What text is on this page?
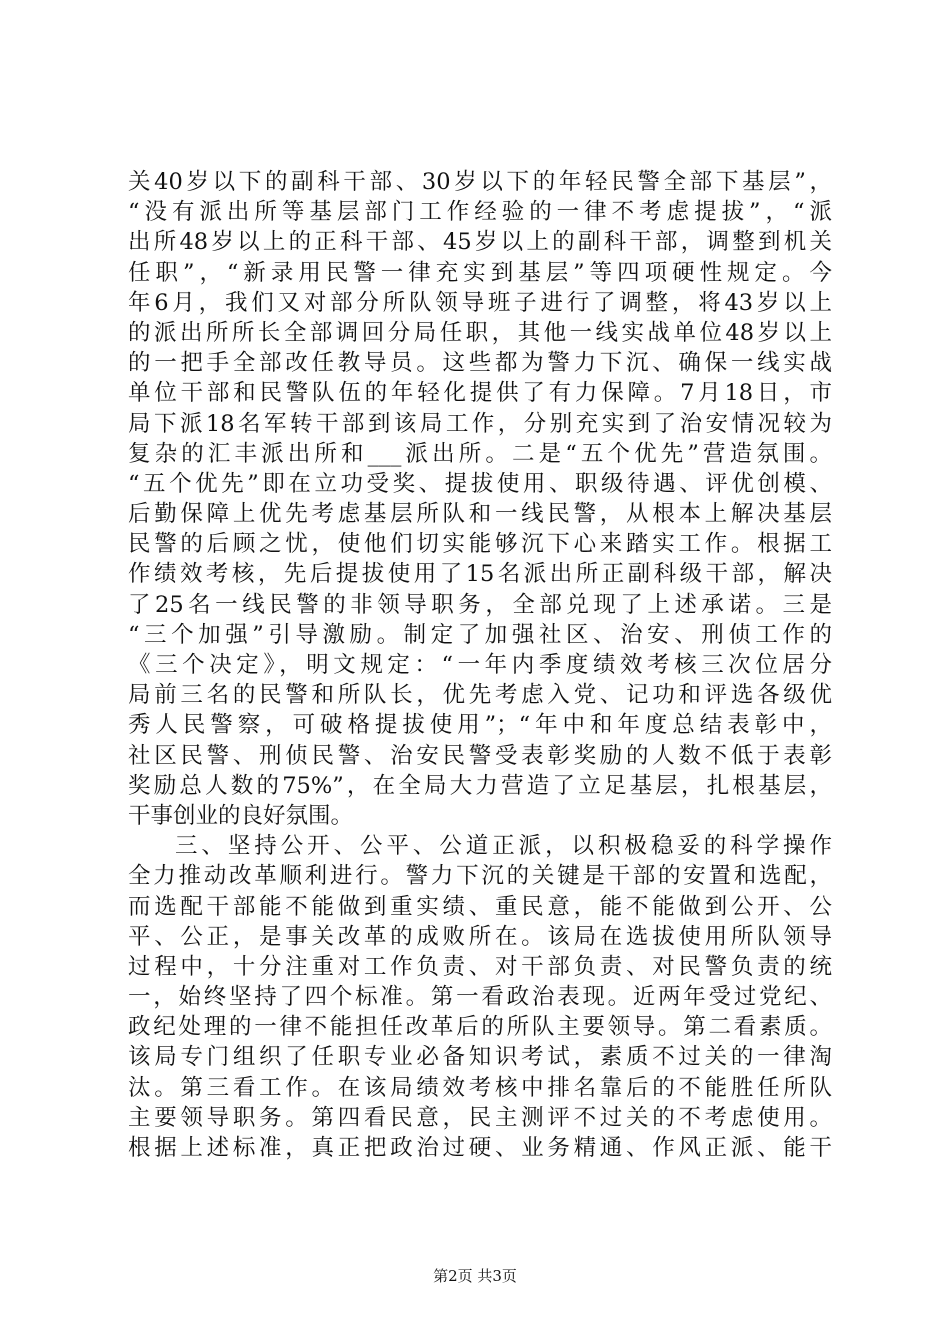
关40岁以下的副科干部、30岁以下的年轻民警全部下基层”，
“没有派出所等基层部门工作经验的一律不考虑提拔”，“派
出所48岁以上的正科干部、45岁以上的副科干部，调整到机关
任职”，“新录用民警一律充实到基层”等四项硬性规定。今
年6月，我们又对部分所队领导班子进行了调整，将43岁以上
的派出所所长全部调回分局任职，其他一线实战单位48岁以上
的一把手全部改任教导员。这些都为警力下沉、确保一线实战
单位干部和民警队伍的年轻化提供了有力保障。7月18日，市
局下派18名军转干部到该局工作，分别充实到了治安情况较为
复杂的汇丰派出所和___派出所。二是“五个优先”营造氛围。
“五个优先”即在立功受奖、提拔使用、职级待遇、评优创模、
后勤保障上优先考虑基层所队和一线民警，从根本上解决基层
民警的后顾之忧，使他们切实能够沉下心来踏实工作。根据工
作绩效考核，先后提拔使用了15名派出所正副科级干部，解决
了25名一线民警的非领导职务，全部兑现了上述承诺。三是
“三个加强”引导激励。制定了加强社区、治安、刑侦工作的
《三个决定》，明文规定：“一年内季度绩效考核三次位居分
局前三名的民警和所队长，优先考虑入党、记功和评选各级优
秀人民警察，可破格提拔使用”；“年中和年度总结表彰中，
社区民警、刑侦民警、治安民警受表彰奖励的人数不低于表彰
奖励总人数的75%”，在全局大力营造了立足基层，扎根基层，
干事创业的良好氛围。
三、坚持公开、公平、公道正派，以积极稳妥的科学操作
全力推动改革顺利进行。警力下沉的关键是干部的安置和选配，
而选配干部能不能做到重实绩、重民意，能不能做到公开、公
平、公正，是事关改革的成败所在。该局在选拔使用所队领导
过程中，十分注重对工作负责、对干部负责、对民警负责的统
一，始终坚持了四个标准。第一看政治表现。近两年受过党纪、
政纪处理的一律不能担任改革后的所队主要领导。第二看素质。
该局专门组织了任职专业必备知识考试，素质不过关的一律淘
汰。第三看工作。在该局绩效考核中排名靠后的不能胜任所队
主要领导职务。第四看民意，民主测评不过关的不考虑使用。
根据上述标准，真正把政治过硬、业务精通、作风正派、能干
第2页 共3页
